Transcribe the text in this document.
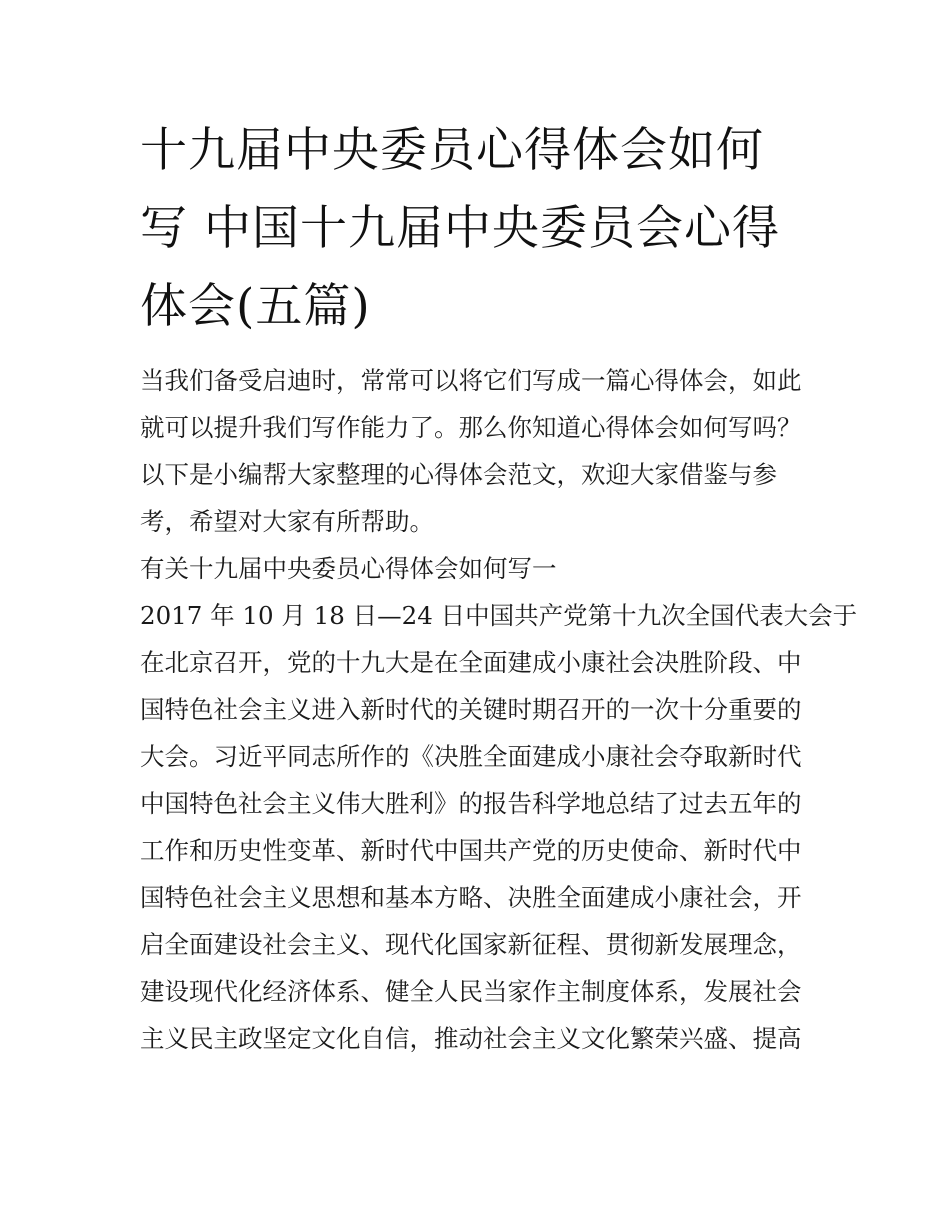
十九届中央委员心得体会如何
写 中国十九届中央委员会心得
体会(五篇)
当我们备受启迪时，常常可以将它们写成一篇心得体会，如此
就可以提升我们写作能力了。那么你知道心得体会如何写吗？
以下是小编帮大家整理的心得体会范文，欢迎大家借鉴与参
考，希望对大家有所帮助。
有关十九届中央委员心得体会如何写一
2017 年 10 月 18 日—24 日中国共产党第十九次全国代表大会于
在北京召开，党的十九大是在全面建成小康社会决胜阶段、中
国特色社会主义进入新时代的关键时期召开的一次十分重要的
大会。习近平同志所作的《决胜全面建成小康社会夺取新时代
中国特色社会主义伟大胜利》的报告科学地总结了过去五年的
工作和历史性变革、新时代中国共产党的历史使命、新时代中
国特色社会主义思想和基本方略、决胜全面建成小康社会，开
启全面建设社会主义、现代化国家新征程、贯彻新发展理念，
建设现代化经济体系、健全人民当家作主制度体系，发展社会
主义民主政坚定文化自信，推动社会主义文化繁荣兴盛、提高
